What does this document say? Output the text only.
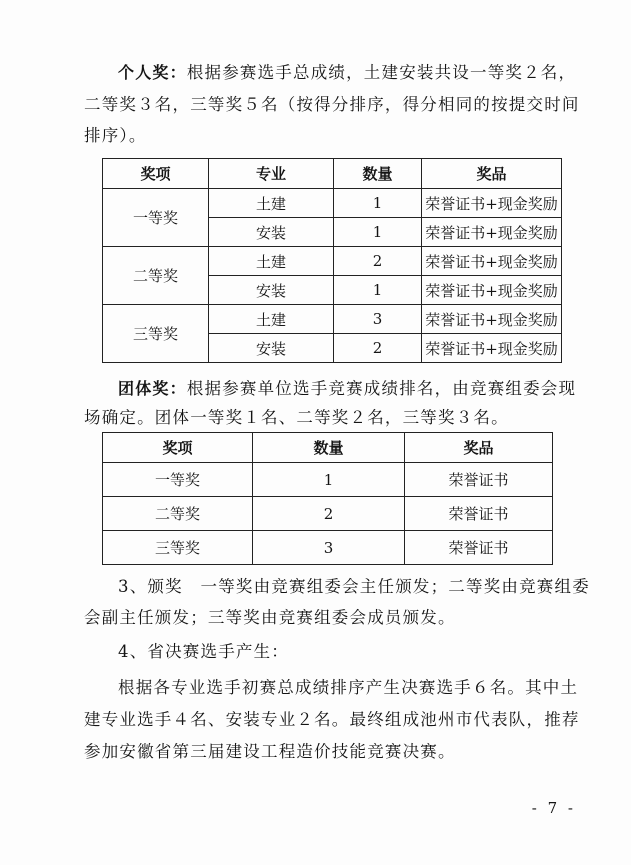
个人奖：根据参赛选手总成绩，土建安装共设一等奖２名，
二等奖３名，三等奖５名（按得分排序，得分相同的按提交时间
排序）。
奖项	专业	数量	奖品
一等奖	土建	1	荣誉证书+现金奖励
	安装	1	荣誉证书+现金奖励
二等奖	土建	2	荣誉证书+现金奖励
	安装	1	荣誉证书+现金奖励
三等奖	土建	3	荣誉证书+现金奖励
	安装	2	荣誉证书+现金奖励
团体奖：根据参赛单位选手竞赛成绩排名，由竞赛组委会现
场确定。团体一等奖１名、二等奖２名，三等奖３名。
奖项	数量	奖品
一等奖	1	荣誉证书
二等奖	2	荣誉证书
三等奖	3	荣誉证书
3、颁奖　一等奖由竞赛组委会主任颁发；二等奖由竞赛组委
会副主任颁发；三等奖由竞赛组委会成员颁发。
4、省决赛选手产生：
根据各专业选手初赛总成绩排序产生决赛选手６名。其中土
建专业选手４名、安装专业２名。最终组成池州市代表队，推荐
参加安徽省第三届建设工程造价技能竞赛决赛。
- 7 -
